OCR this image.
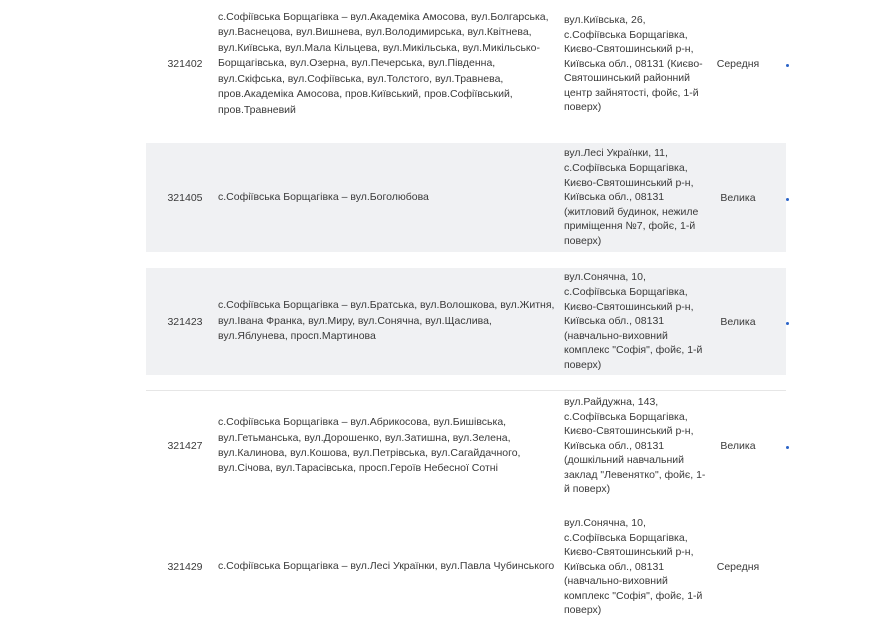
321402
с.Софіївська Борщагівка – вул.Академіка Амосова, вул.Болгарська, вул.Васнецова, вул.Вишнева, вул.Володимирська, вул.Квітнева, вул.Київська, вул.Мала Кільцева, вул.Микільська, вул.Микільсько-Борщагівська, вул.Озерна, вул.Печерська, вул.Південна, вул.Скіфська, вул.Софіївська, вул.Толстого, вул.Травнева, пров.Академіка Амосова, пров.Київський, пров.Софіївський, пров.Травневий
вул.Київська, 26, с.Софіївська Борщагівка, Києво-Святошинський р-н, Київська обл., 08131 (Києво-Святошинський районний центр зайнятості, фойє, 1-й поверх)
Середня
321405	с.Софіївська Борщагівка – вул.Боголюбова
вул.Лесі Українки, 11, с.Софіївська Борщагівка, Києво-Святошинський р-н, Київська обл., 08131 (житловий будинок, нежиле приміщення №7, фойє, 1-й поверх)
Велика
321423
с.Софіївська Борщагівка – вул.Братська, вул.Волошкова, вул.Житня, вул.Івана Франка, вул.Миру, вул.Сонячна, вул.Щаслива, вул.Яблунева, просп.Мартинова
вул.Сонячна, 10, с.Софіївська Борщагівка, Києво-Святошинський р-н, Київська обл., 08131 (навчально-виховний комплекс "Софія", фойє, 1-й поверх)
Велика
321427
с.Софіївська Борщагівка – вул.Абрикосова, вул.Бишівська, вул.Гетьманська, вул.Дорошенко, вул.Затишна, вул.Зелена, вул.Калинова, вул.Кошова, вул.Петрівська, вул.Сагайдачного, вул.Січова, вул.Тарасівська, просп.Героїв Небесної Сотні
вул.Райдужна, 143, с.Софіївська Борщагівка, Києво-Святошинський р-н, Київська обл., 08131 (дошкільний навчальний заклад "Левенятко", фойє, 1-й поверх)
Велика
321429	с.Софіївська Борщагівка – вул.Лесі Українки, вул.Павла Чубинського
вул.Сонячна, 10, с.Софіївська Борщагівка, Києво-Святошинський р-н, Київська обл., 08131 (навчально-виховний комплекс "Софія", фойє, 1-й поверх)
Середня
